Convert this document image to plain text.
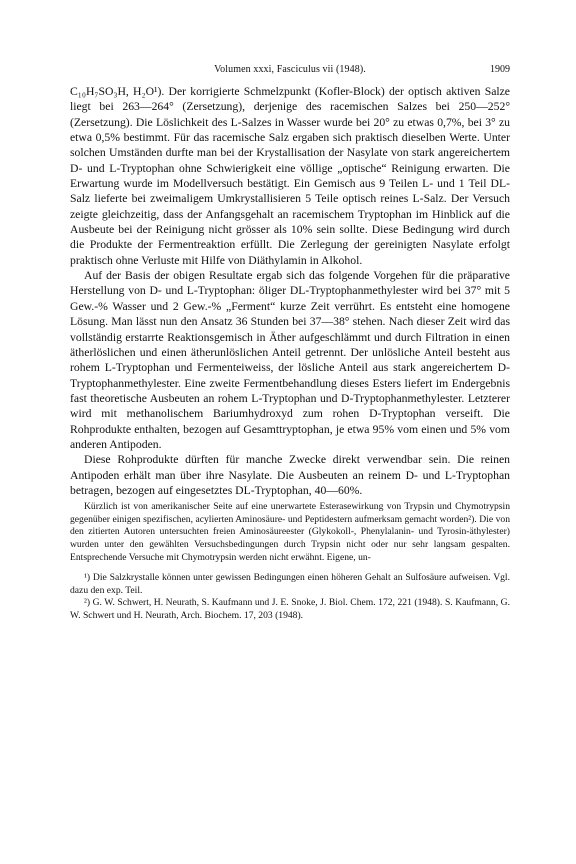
Volumen xxxi, Fasciculus vii (1948).	1909

C₁₀H₇SO₃H, H₂O¹). Der korrigierte Schmelzpunkt (Kofler-Block) der optisch aktiven Salze liegt bei 263—264° (Zersetzung), derjenige des racemischen Salzes bei 250—252° (Zersetzung). Die Löslichkeit des L-Salzes in Wasser wurde bei 20° zu etwas 0,7%, bei 3° zu etwa 0,5% bestimmt. Für das racemische Salz ergaben sich praktisch dieselben Werte. Unter solchen Umständen durfte man bei der Krystallisation der Nasylate von stark angereichertem D- und L-Tryptophan ohne Schwierigkeit eine völlige „optische“ Reinigung erwarten. Die Erwartung wurde im Modellversuch bestätigt. Ein Gemisch aus 9 Teilen L- und 1 Teil DL-Salz lieferte bei zweimaligem Umkrystallisieren 5 Teile optisch reines L-Salz. Der Versuch zeigte gleichzeitig, dass der Anfangsgehalt an racemischem Tryptophan im Hinblick auf die Ausbeute bei der Reinigung nicht grösser als 10% sein sollte. Diese Bedingung wird durch die Produkte der Fermentreaktion erfüllt. Die Zerlegung der gereinigten Nasylate erfolgt praktisch ohne Verluste mit Hilfe von Diäthylamin in Alkohol.

Auf der Basis der obigen Resultate ergab sich das folgende Vorgehen für die präparative Herstellung von D- und L-Tryptophan: öliger DL-Tryptophanmethylester wird bei 37° mit 5 Gew.-% Wasser und 2 Gew.-% „Ferment“ kurze Zeit verrührt. Es entsteht eine homogene Lösung. Man lässt nun den Ansatz 36 Stunden bei 37—38° stehen. Nach dieser Zeit wird das vollständig erstarrte Reaktionsgemisch in Äther aufgeschlämmt und durch Filtration in einen ätherlöslichen und einen ätherunlöslichen Anteil getrennt. Der unlösliche Anteil besteht aus rohem L-Tryptophan und Fermenteiweiss, der lösliche Anteil aus stark angereichertem D-Tryptophanmethylester. Eine zweite Fermentbehandlung dieses Esters liefert im Endergebnis fast theoretische Ausbeuten an rohem L-Tryptophan und D-Tryptophanmethylester. Letzterer wird mit methanolischem Bariumhydroxyd zum rohen D-Tryptophan verseift. Die Rohprodukte enthalten, bezogen auf Gesamttryptophan, je etwa 95% vom einen und 5% vom anderen Antipoden.

Diese Rohprodukte dürften für manche Zwecke direkt verwendbar sein. Die reinen Antipoden erhält man über ihre Nasylate. Die Ausbeuten an reinem D- und L-Tryptophan betragen, bezogen auf eingesetztes DL-Tryptophan, 40—60%.

Kürzlich ist von amerikanischer Seite auf eine unerwartete Esterasewirkung von Trypsin und Chymotrypsin gegenüber einigen spezifischen, acylierten Aminosäure- und Peptidestern aufmerksam gemacht worden²). Die von den zitierten Autoren untersuchten freien Aminosäureester (Glykokoll-, Phenylalanin- und Tyrosin-äthylester) wurden unter den gewählten Versuchsbedingungen durch Trypsin nicht oder nur sehr langsam gespalten. Entsprechende Versuche mit Chymotrypsin werden nicht erwähnt. Eigene, un-

¹) Die Salzkrystalle können unter gewissen Bedingungen einen höheren Gehalt an Sulfosäure aufweisen. Vgl. dazu den exp. Teil.

²) G. W. Schwert, H. Neurath, S. Kaufmann und J. E. Snoke, J. Biol. Chem. 172, 221 (1948). S. Kaufmann, G. W. Schwert und H. Neurath, Arch. Biochem. 17, 203 (1948).
